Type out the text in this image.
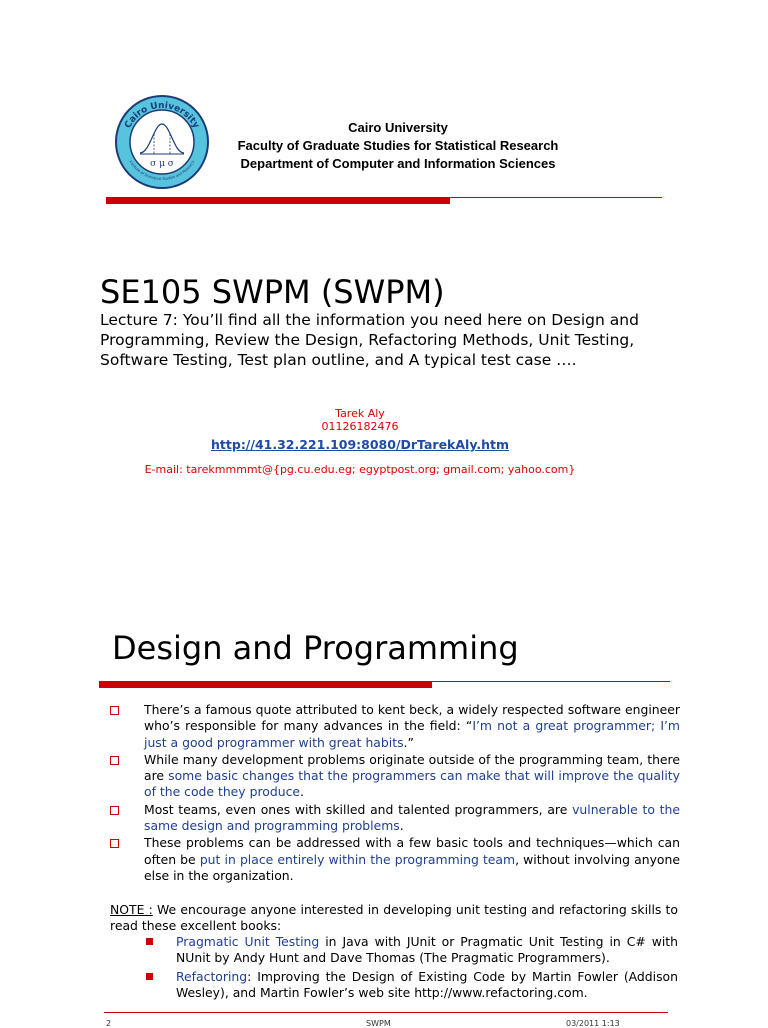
Cairo University
Institute of Statistical Studies and Research
σ μ σ
Cairo University
Faculty of Graduate Studies for Statistical Research
Department of Computer and Information Sciences
SE105 SWPM (SWPM)
Lecture 7: You’ll find all the information you need here on Design and Programming, Review the Design, Refactoring Methods, Unit Testing, Software Testing, Test plan outline, and A typical test case ….
Tarek Aly
01126182476
http://41.32.221.109:8080/DrTarekAly.htm
E-mail: tarekmmmmt@{pg.cu.edu.eg; egyptpost.org; gmail.com; yahoo.com}
Design and Programming
There’s a famous quote attributed to kent beck, a widely respected software engineer who’s responsible for many advances in the field: “I’m not a great programmer; I’m just a good programmer with great habits.”
While many development problems originate outside of the programming team, there are some basic changes that the programmers can make that will improve the quality of the code they produce.
Most teams, even ones with skilled and talented programmers, are vulnerable to the same design and programming problems.
These problems can be addressed with a few basic tools and techniques—which can often be put in place entirely within the programming team, without involving anyone else in the organization.
NOTE : We encourage anyone interested in developing unit testing and refactoring skills to read these excellent books:
Pragmatic Unit Testing in Java with JUnit or Pragmatic Unit Testing in C# with NUnit by Andy Hunt and Dave Thomas (The Pragmatic Programmers).
Refactoring: Improving the Design of Existing Code by Martin Fowler (Addison Wesley), and Martin Fowler’s web site http://www.refactoring.com.
2	SWPM	03/2011 1:13
